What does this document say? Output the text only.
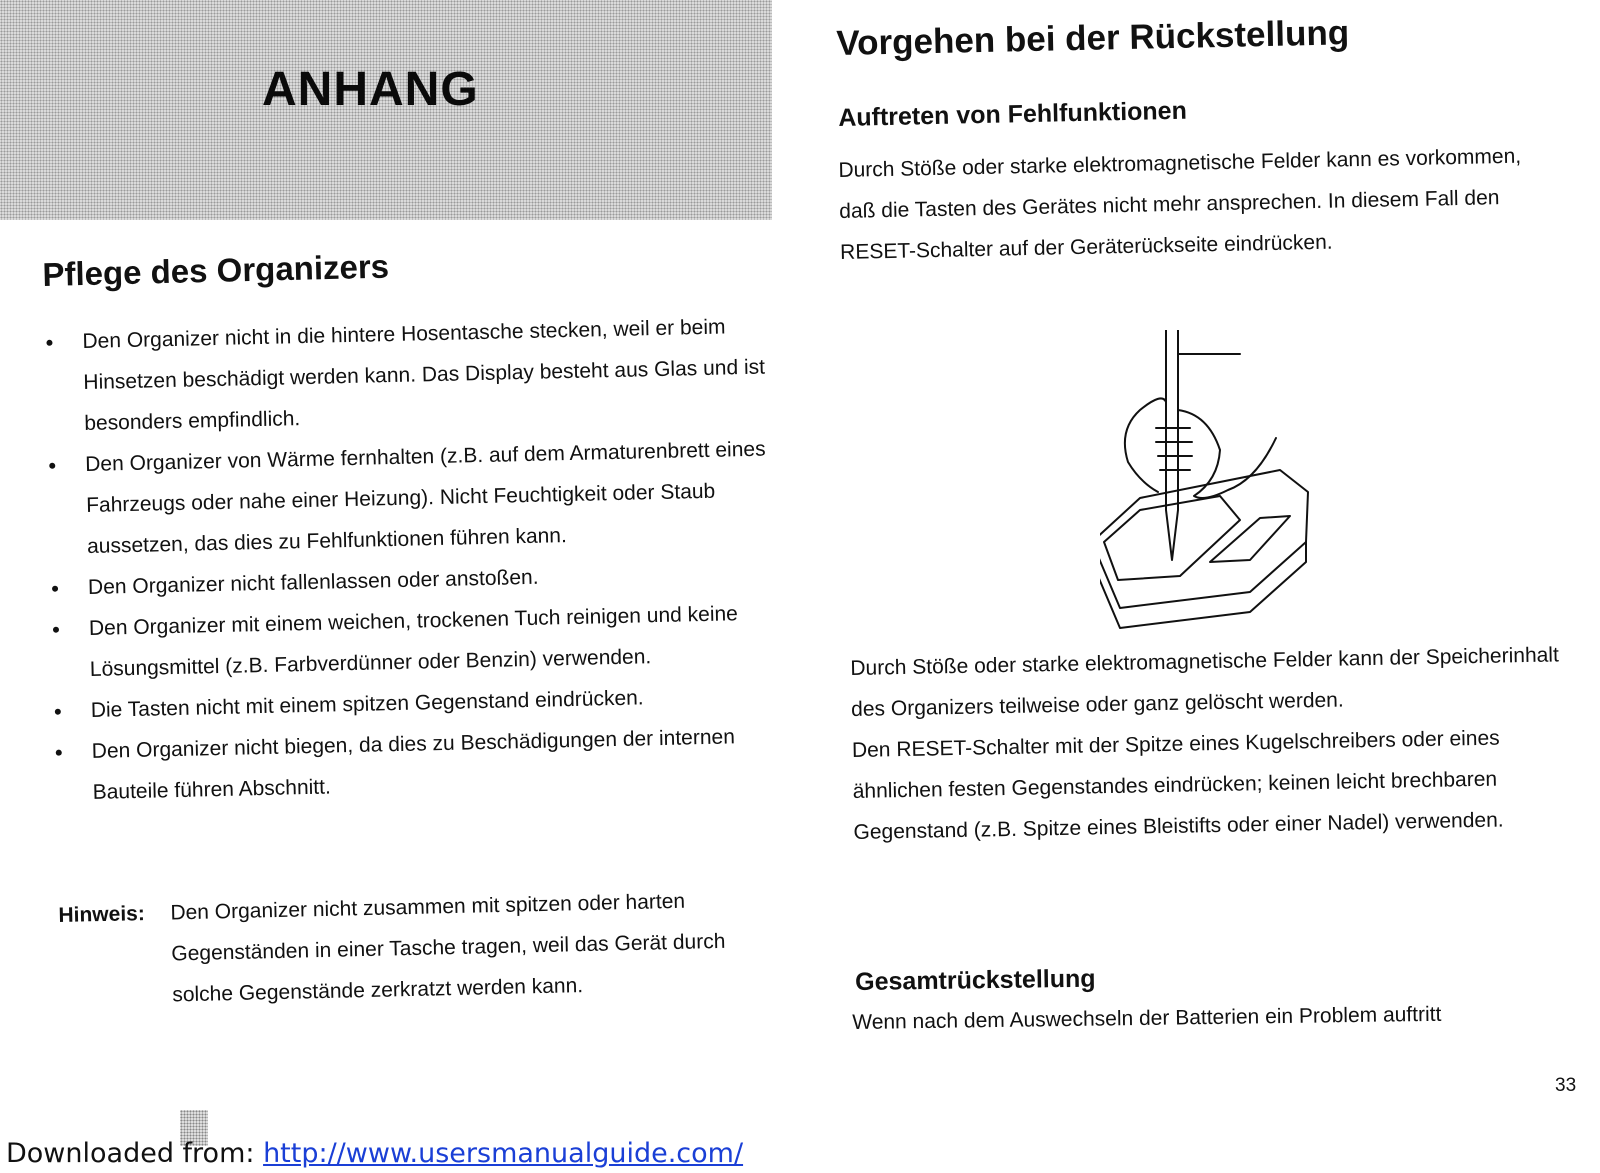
ANHANG
Pflege des Organizers
Den Organizer nicht in die hintere Hosentasche stecken, weil er beim Hinsetzen beschädigt werden kann. Das Display besteht aus Glas und ist besonders empfindlich.
Den Organizer von Wärme fernhalten (z.B. auf dem Armaturenbrett eines Fahrzeugs oder nahe einer Heizung). Nicht Feuchtigkeit oder Staub aussetzen, das dies zu Fehlfunktionen führen kann.
Den Organizer nicht fallenlassen oder anstoßen.
Den Organizer mit einem weichen, trockenen Tuch reinigen und keine Lösungsmittel (z.B. Farbverdünner oder Benzin) verwenden.
Die Tasten nicht mit einem spitzen Gegenstand eindrücken.
Den Organizer nicht biegen, da dies zu Beschädigungen der internen Bauteile führen Abschnitt.
Hinweis: Den Organizer nicht zusammen mit spitzen oder harten Gegenständen in einer Tasche tragen, weil das Gerät durch solche Gegenstände zerkratzt werden kann.
Vorgehen bei der Rückstellung
Auftreten von Fehlfunktionen

Durch Stöße oder starke elektromagnetische Felder kann es vorkommen, daß die Tasten des Gerätes nicht mehr ansprechen. In diesem Fall den RESET-Schalter auf der Geräterückseite eindrücken.

Durch Stöße oder starke elektromagnetische Felder kann der Speicherinhalt des Organizers teilweise oder ganz gelöscht werden.
Den RESET-Schalter mit der Spitze eines Kugelschreibers oder eines ähnlichen festen Gegenstandes eindrücken; keinen leicht brechbaren Gegenstand (z.B. Spitze eines Bleistifts oder einer Nadel) verwenden.

Gesamtrückstellung

Wenn nach dem Auswechseln der Batterien ein Problem auftritt

33
Downloaded from: http://www.usersmanualguide.com/
